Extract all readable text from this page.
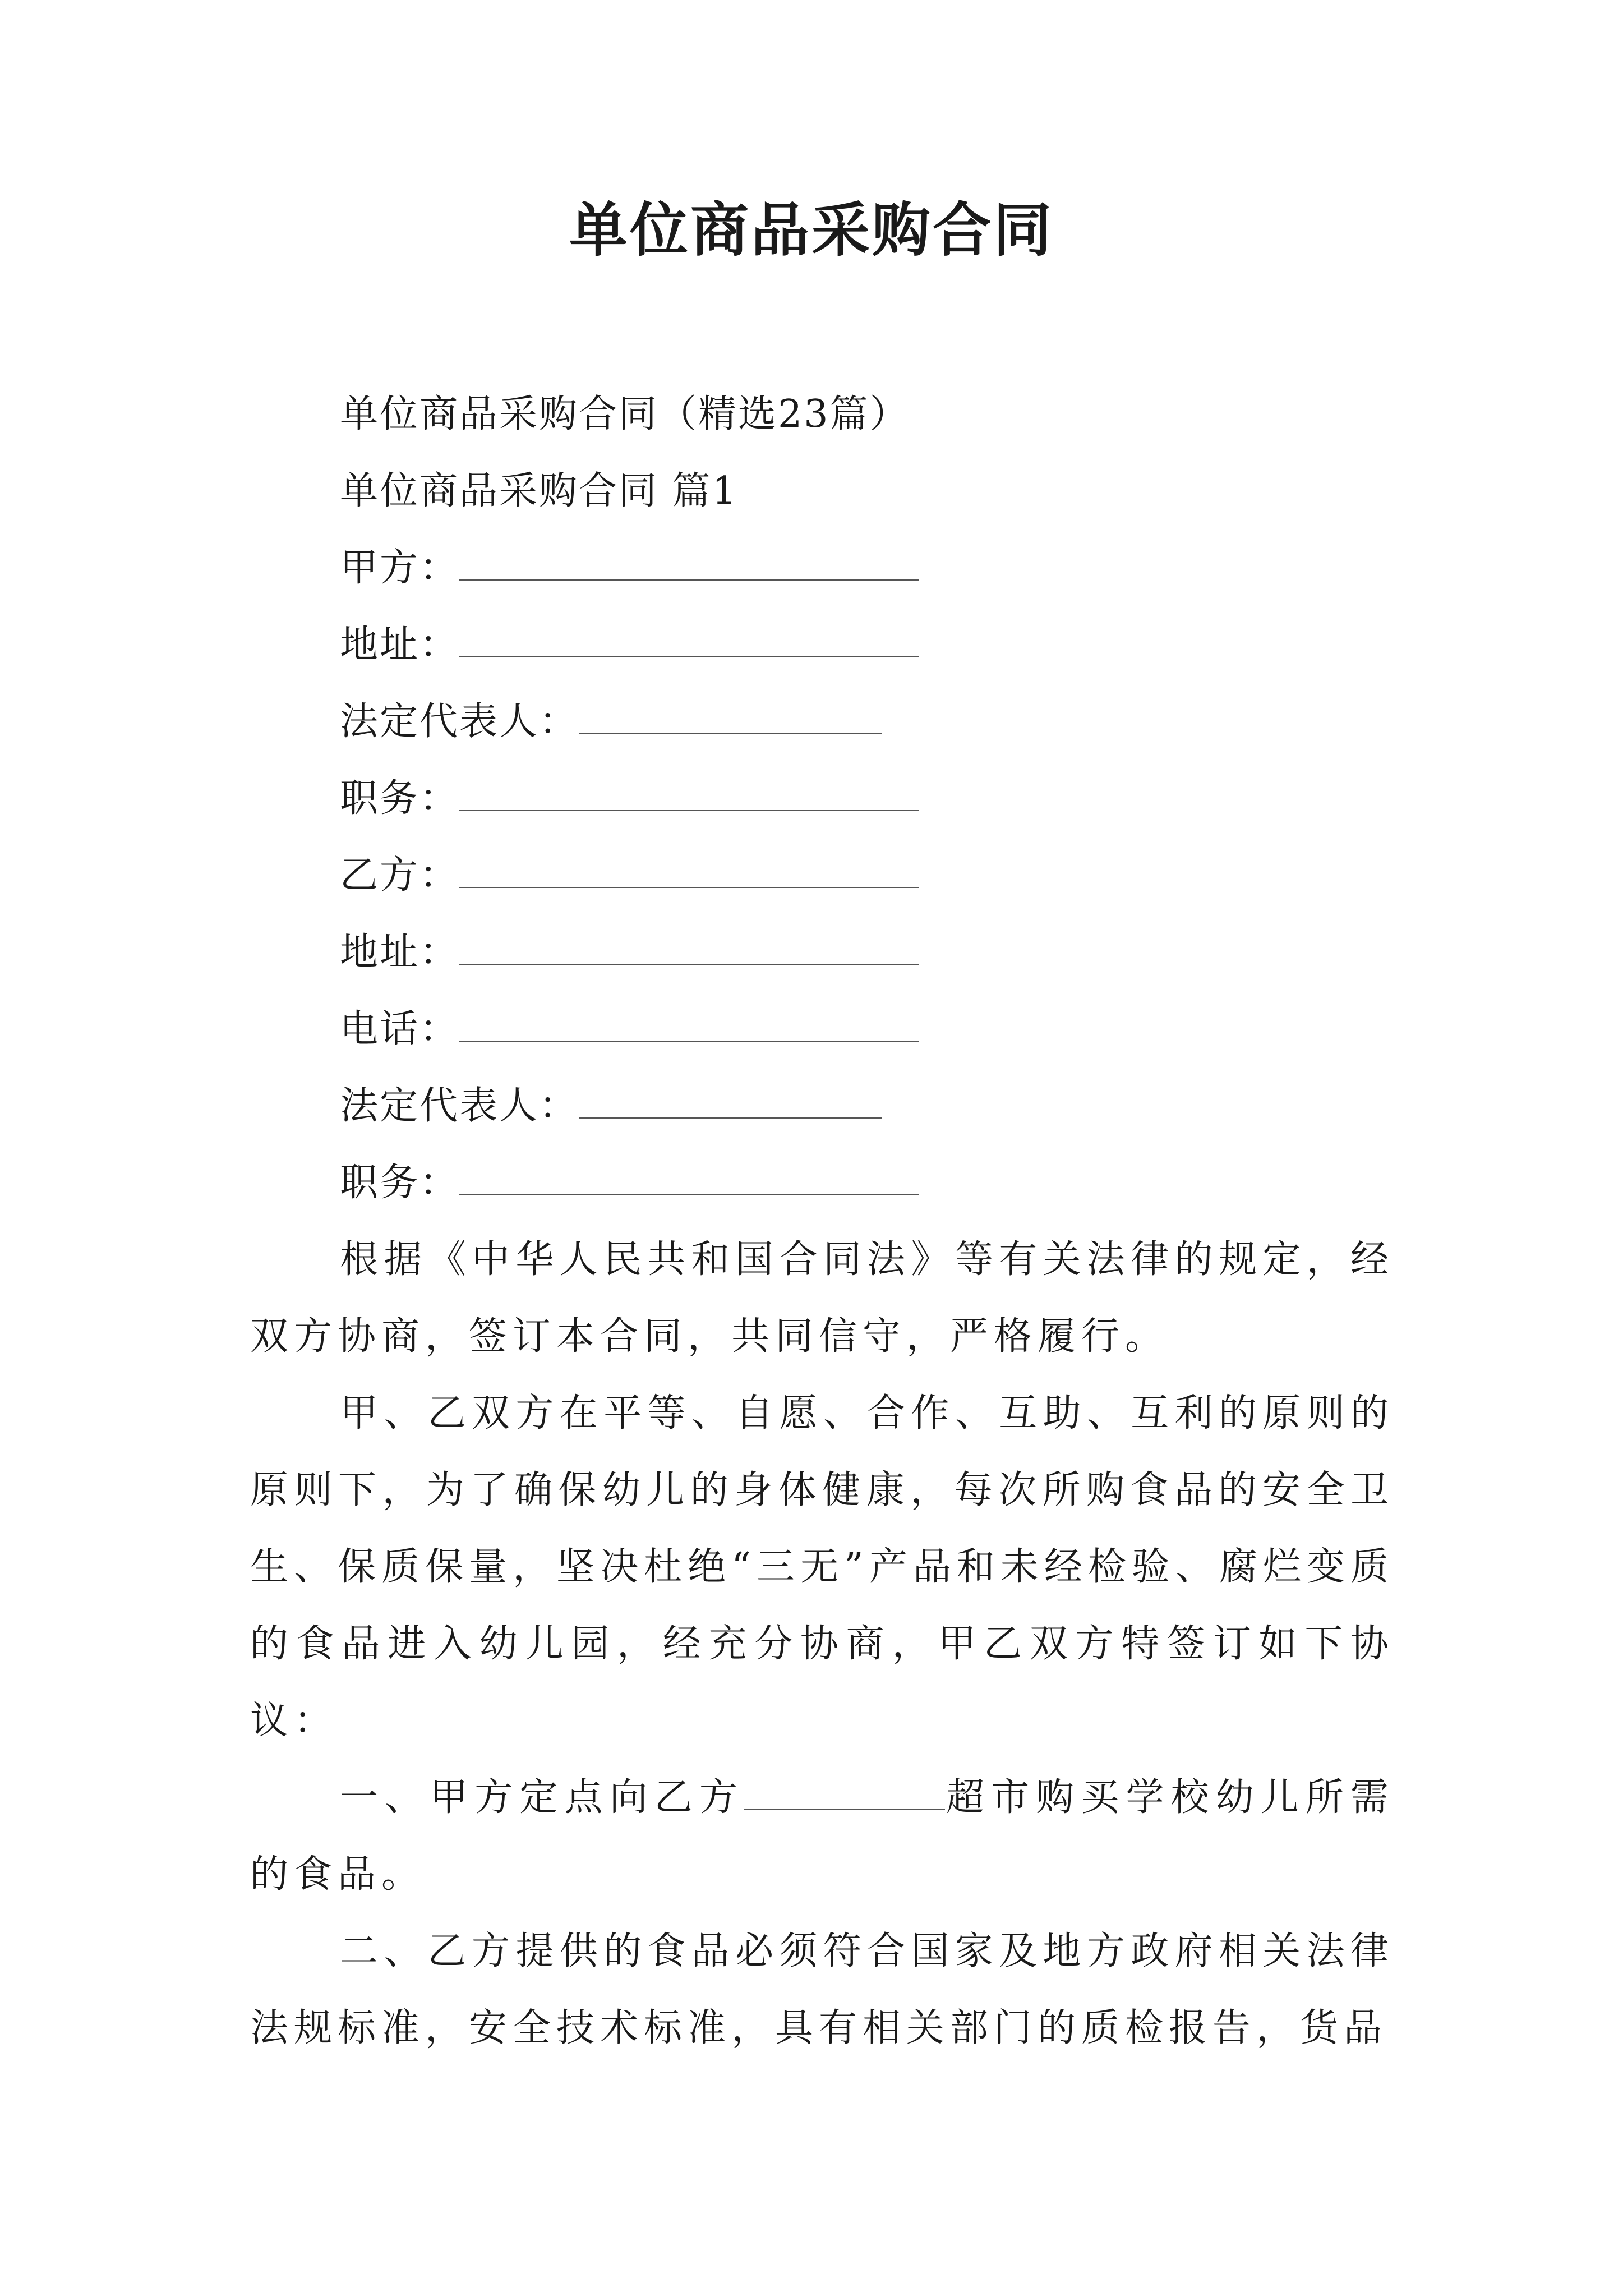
单位商品采购合同

单位商品采购合同（精选23篇）

单位商品采购合同 篇1

甲方：

地址：

法定代表人：

职务：

乙方：

地址：

电话：

法定代表人：

职务：

根据《中华人民共和国合同法》等有关法律的规定，经双方协商，签订本合同，共同信守，严格履行。

甲、乙双方在平等、自愿、合作、互助、互利的原则的原则下，为了确保幼儿的身体健康，每次所购食品的安全卫生、保质保量，坚决杜绝“三无”产品和未经检验、腐烂变质的食品进入幼儿园，经充分协商，甲乙双方特签订如下协议：

一、甲方定点向乙方	超市购买学校幼儿所需的食品。

二、乙方提供的食品必须符合国家及地方政府相关法律法规标准，安全技术标准，具有相关部门的质检报告，货品
